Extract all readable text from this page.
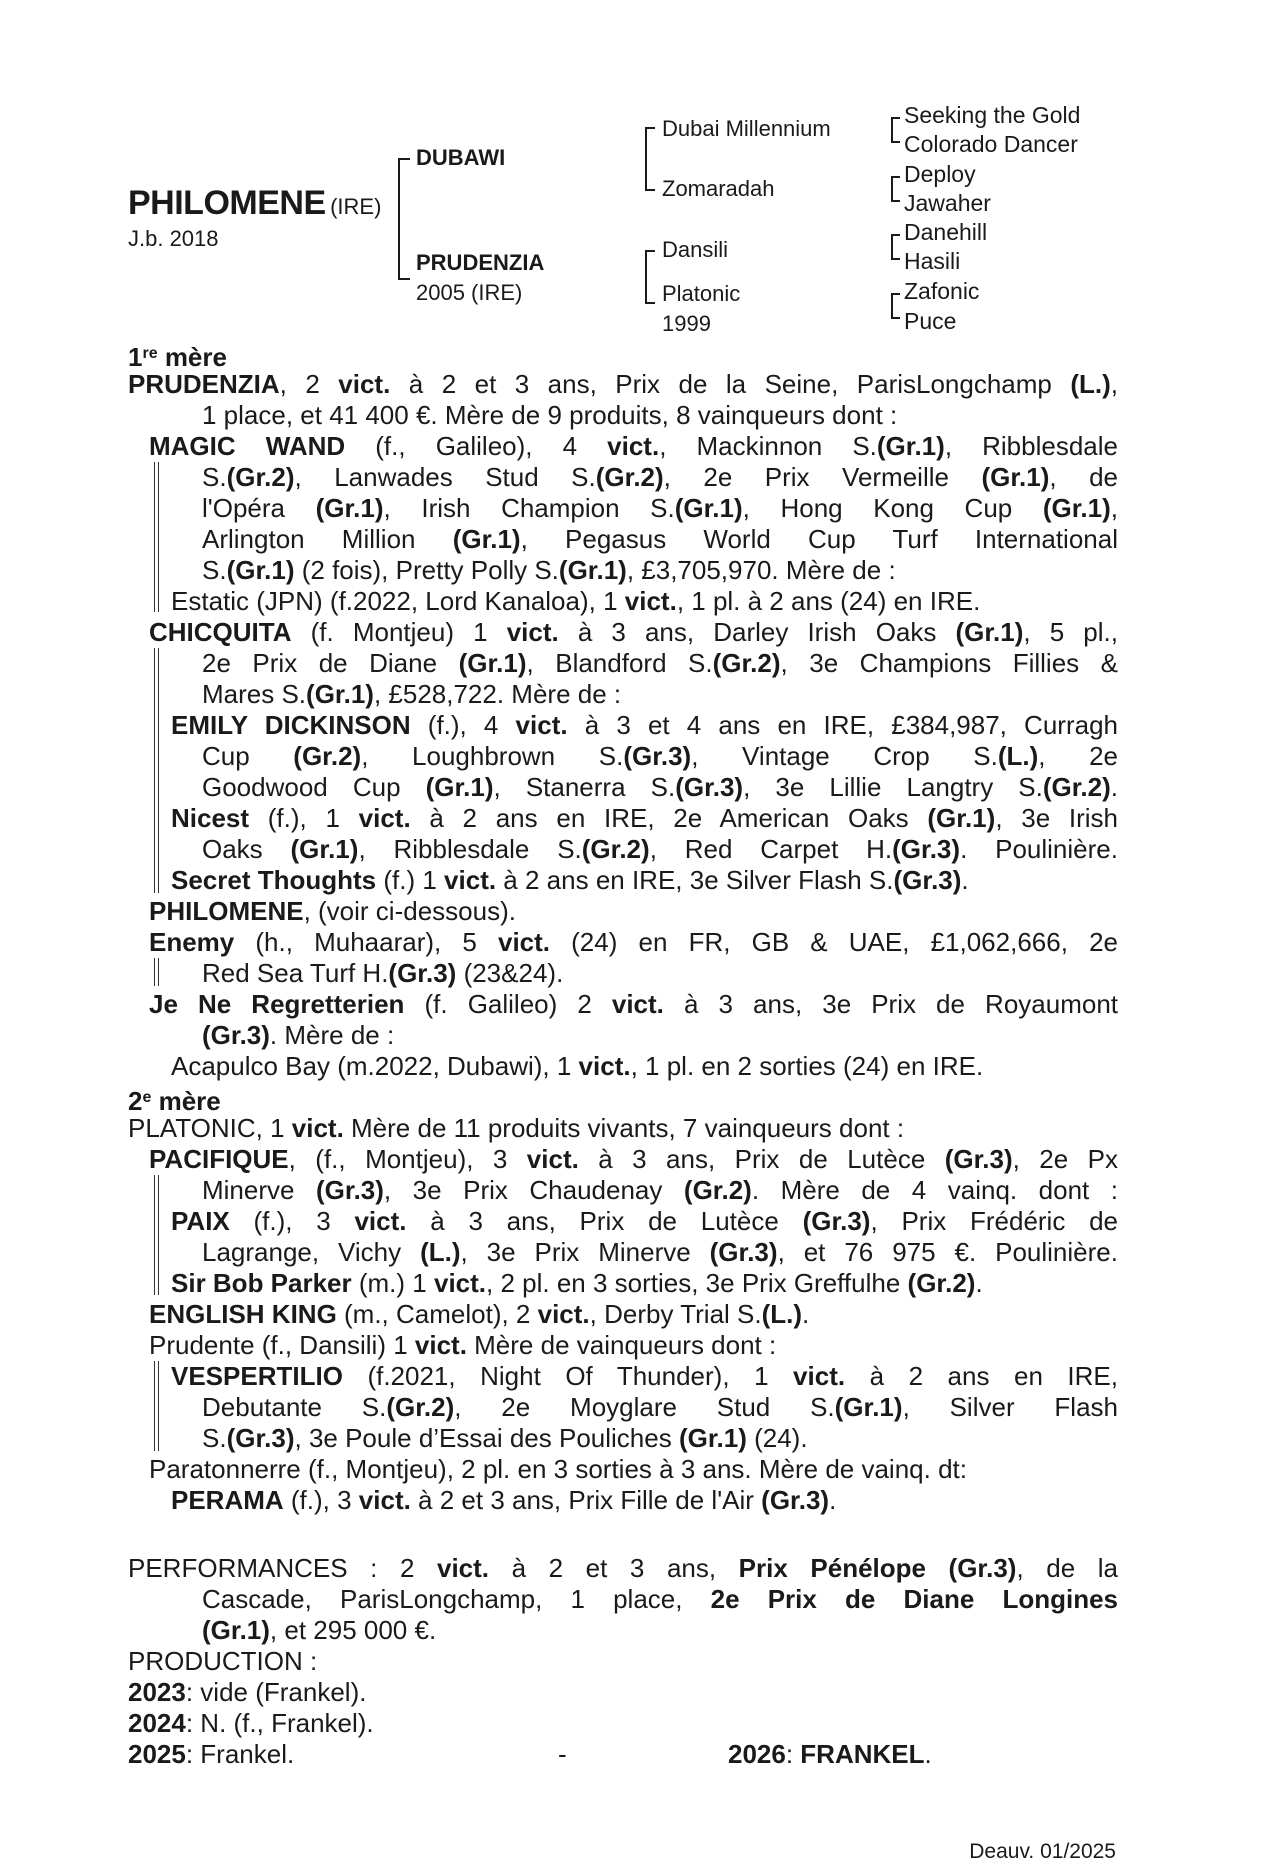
PHILOMENE (IRE)
J.b. 2018
DUBAWI
PRUDENZIA
2005 (IRE)
Dubai Millennium
Zomaradah
Dansili
Platonic
1999
Seeking the Gold
Colorado Dancer
Deploy
Jawaher
Danehill
Hasili
Zafonic
Puce
1re mère
PRUDENZIA, 2 vict. à 2 et 3 ans, Prix de la Seine, ParisLongchamp (L.),
1 place, et 41 400 €. Mère de 9 produits, 8 vainqueurs dont :
MAGIC WAND (f., Galileo), 4 vict., Mackinnon S.(Gr.1), Ribblesdale
S.(Gr.2), Lanwades Stud S.(Gr.2), 2e Prix Vermeille (Gr.1), de
l'Opéra (Gr.1), Irish Champion S.(Gr.1), Hong Kong Cup (Gr.1),
Arlington Million (Gr.1), Pegasus World Cup Turf International
S.(Gr.1) (2 fois), Pretty Polly S.(Gr.1), £3,705,970. Mère de :
Estatic (JPN) (f.2022, Lord Kanaloa), 1 vict., 1 pl. à 2 ans (24) en IRE.
CHICQUITA (f. Montjeu) 1 vict. à 3 ans, Darley Irish Oaks (Gr.1), 5 pl.,
2e Prix de Diane (Gr.1), Blandford S.(Gr.2), 3e Champions Fillies &
Mares S.(Gr.1), £528,722. Mère de :
EMILY DICKINSON (f.), 4 vict. à 3 et 4 ans en IRE, £384,987, Curragh
Cup (Gr.2), Loughbrown S.(Gr.3), Vintage Crop S.(L.), 2e
Goodwood Cup (Gr.1), Stanerra S.(Gr.3), 3e Lillie Langtry S.(Gr.2).
Nicest (f.), 1 vict. à 2 ans en IRE, 2e American Oaks (Gr.1), 3e Irish
Oaks (Gr.1), Ribblesdale S.(Gr.2), Red Carpet H.(Gr.3). Poulinière.
Secret Thoughts (f.) 1 vict. à 2 ans en IRE, 3e Silver Flash S.(Gr.3).
PHILOMENE, (voir ci-dessous).
Enemy (h., Muhaarar), 5 vict. (24) en FR, GB & UAE, £1,062,666, 2e
Red Sea Turf H.(Gr.3) (23&24).
Je Ne Regretterien (f. Galileo) 2 vict. à 3 ans, 3e Prix de Royaumont
(Gr.3). Mère de :
Acapulco Bay (m.2022, Dubawi), 1 vict., 1 pl. en 2 sorties (24) en IRE.
2e mère
PLATONIC, 1 vict. Mère de 11 produits vivants, 7 vainqueurs dont :
PACIFIQUE, (f., Montjeu), 3 vict. à 3 ans, Prix de Lutèce (Gr.3), 2e Px
Minerve (Gr.3), 3e Prix Chaudenay (Gr.2). Mère de 4 vainq. dont :
PAIX (f.), 3 vict. à 3 ans, Prix de Lutèce (Gr.3), Prix Frédéric de
Lagrange, Vichy (L.), 3e Prix Minerve (Gr.3), et 76 975 €. Poulinière.
Sir Bob Parker (m.) 1 vict., 2 pl. en 3 sorties, 3e Prix Greffulhe (Gr.2).
ENGLISH KING (m., Camelot), 2 vict., Derby Trial S.(L.).
Prudente (f., Dansili) 1 vict. Mère de vainqueurs dont :
VESPERTILIO (f.2021, Night Of Thunder), 1 vict. à 2 ans en IRE,
Debutante S.(Gr.2), 2e Moyglare Stud S.(Gr.1), Silver Flash
S.(Gr.3), 3e Poule d’Essai des Pouliches (Gr.1) (24).
Paratonnerre (f., Montjeu), 2 pl. en 3 sorties à 3 ans. Mère de vainq. dt:
PERAMA (f.), 3 vict. à 2 et 3 ans, Prix Fille de l'Air (Gr.3).
PERFORMANCES : 2 vict. à 2 et 3 ans, Prix Pénélope (Gr.3), de la
Cascade, ParisLongchamp, 1 place, 2e Prix de Diane Longines
(Gr.1), et 295 000 €.
PRODUCTION :
2023: vide (Frankel).
2024: N. (f., Frankel).
2025: Frankel.	-	2026: FRANKEL.
Deauv. 01/2025
